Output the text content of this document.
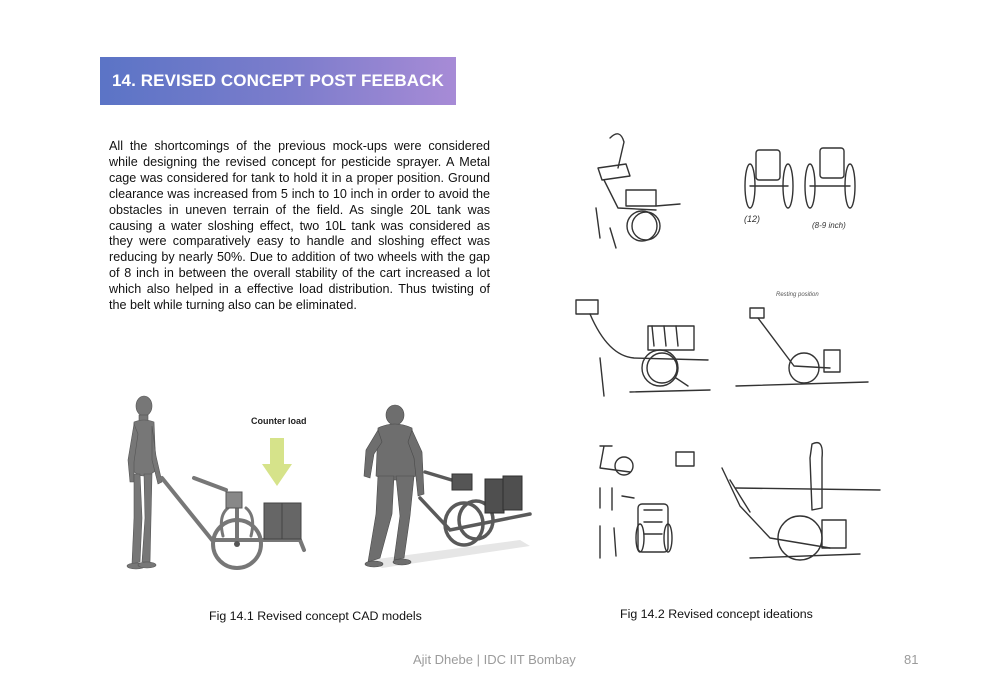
14. REVISED CONCEPT POST FEEBACK

All the shortcomings of the previous mock-ups were considered while designing the revised concept for pesticide sprayer. A Metal cage was considered for tank to hold it in a proper position. Ground clearance was increased from 5 inch to 10 inch in order to avoid the obstacles in uneven terrain of the field. As single 20L tank was causing a water sloshing effect, two 10L tank was considered as they were comparatively easy to handle and sloshing effect was reducing by nearly 50%. Due to addition of two wheels with the gap of 8 inch in between the overall stability of the cart increased a lot which also helped in a effective load distribution. Thus twisting of the belt while turning also can be eliminated.

Counter load

Fig 14.1 Revised concept CAD models

(12)
(8-9 inch)
Resting position

Fig 14.2 Revised concept ideations

Ajit Dhebe | IDC IIT Bombay	81
